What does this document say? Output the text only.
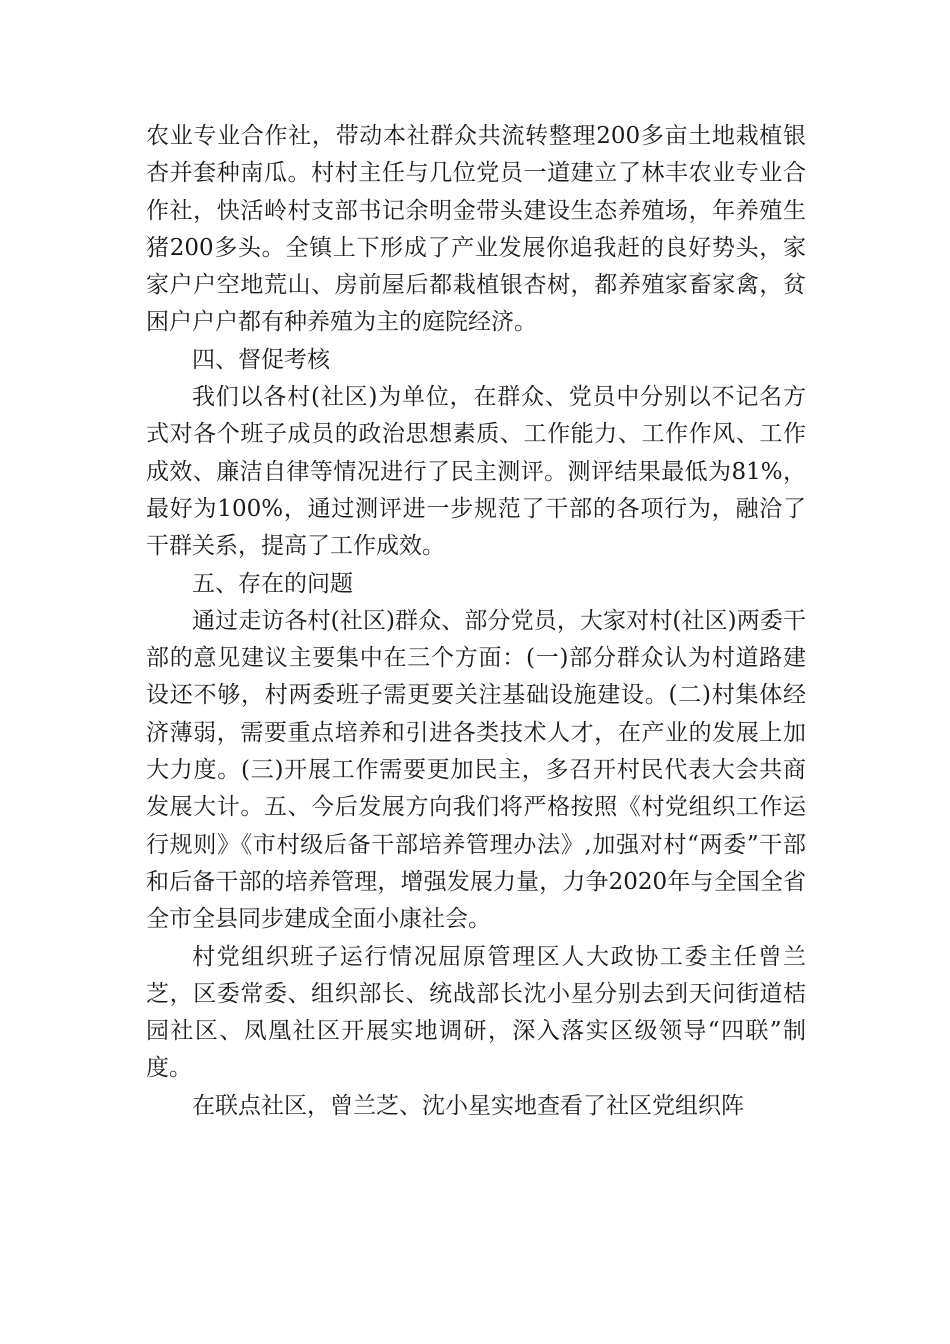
农业专业合作社，带动本社群众共流转整理200多亩土地栽植银杏并套种南瓜。村村主任与几位党员一道建立了林丰农业专业合作社，快活岭村支部书记余明金带头建设生态养殖场，年养殖生猪200多头。全镇上下形成了产业发展你追我赶的良好势头，家家户户空地荒山、房前屋后都栽植银杏树，都养殖家畜家禽，贫困户户户都有种养殖为主的庭院经济。

四、督促考核

我们以各村(社区)为单位，在群众、党员中分别以不记名方式对各个班子成员的政治思想素质、工作能力、工作作风、工作成效、廉洁自律等情况进行了民主测评。测评结果最低为81%，最好为100%，通过测评进一步规范了干部的各项行为，融洽了干群关系，提高了工作成效。

五、存在的问题

通过走访各村(社区)群众、部分党员，大家对村(社区)两委干部的意见建议主要集中在三个方面：(一)部分群众认为村道路建设还不够，村两委班子需更要关注基础设施建设。(二)村集体经济薄弱，需要重点培养和引进各类技术人才，在产业的发展上加大力度。(三)开展工作需要更加民主，多召开村民代表大会共商发展大计。五、今后发展方向我们将严格按照《村党组织工作运行规则》《市村级后备干部培养管理办法》,加强对村“两委”干部和后备干部的培养管理，增强发展力量，力争2020年与全国全省全市全县同步建成全面小康社会。

村党组织班子运行情况屈原管理区人大政协工委主任曾兰芝，区委常委、组织部长、统战部长沈小星分别去到天问街道桔园社区、凤凰社区开展实地调研，深入落实区级领导“四联”制度。

在联点社区，曾兰芝、沈小星实地查看了社区党组织阵
